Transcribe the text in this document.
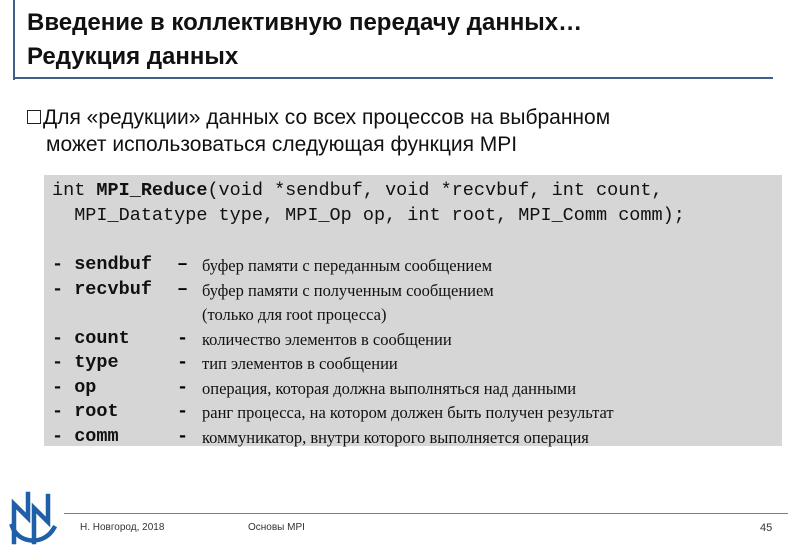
Введение в коллективную передачу данных…
Редукция данных
Для «редукции» данных со всех процессов на выбранном
может использоваться следующая функция MPI
int MPI_Reduce(void *sendbuf, void *recvbuf, int count,
MPI_Datatype type, MPI_Op op, int root, MPI_Comm comm);
- sendbuf – буфер памяти с переданным сообщением
- recvbuf – буфер памяти с полученным сообщением
(только для root процесса)
- count	- количество элементов в сообщении
- type	- тип элементов в сообщении
- op	- операция, которая должна выполняться над данными
- root	- ранг процесса, на котором должен быть получен результат
- comm	- коммуникатор, внутри которого выполняется операция
Н. Новгород, 2018	Основы MPI	45
